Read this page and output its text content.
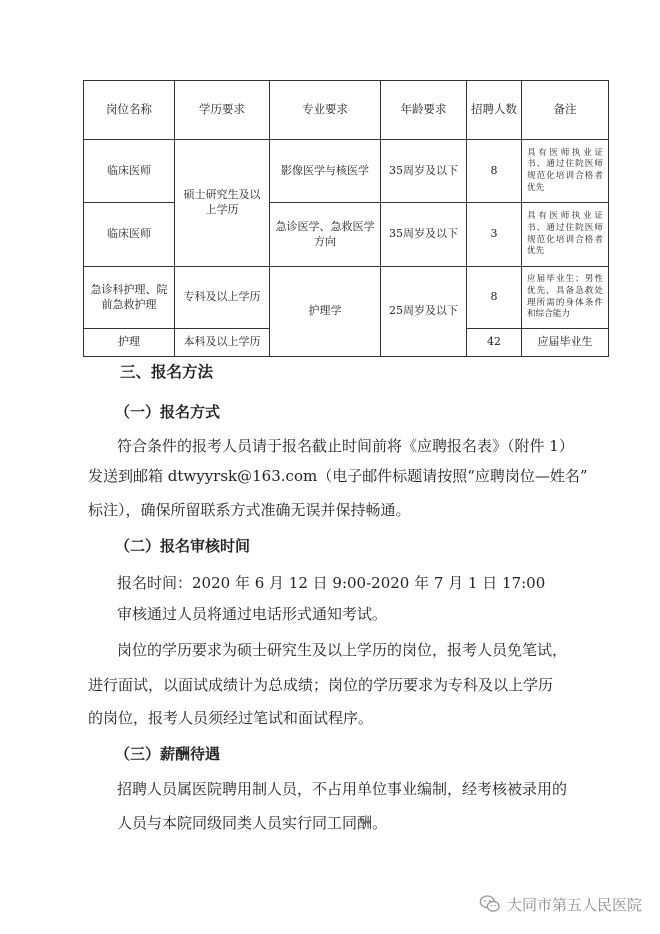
岗位名称	学历要求	专业要求	年龄要求	招聘人数	备注
临床医师	硕士研究生及以上学历	影像医学与核医学	35周岁及以下	8	具有医师执业证书、通过住院医师规范化培训合格者优先
临床医师		急诊医学、急救医学方向	35周岁及以下	3	具有医师执业证书、通过住院医师规范化培训合格者优先
急诊科护理、院前急救护理	专科及以上学历	护理学	25周岁及以下	8	应届毕业生；男性优先，具备急救处理所需的身体条件和综合能力
护理	本科及以上学历			42	应届毕业生
三、报名方法
（一）报名方式
符合条件的报考人员请于报名截止时间前将《应聘报名表》（附件 1）
发送到邮箱 dtwyyrsk@163.com（电子邮件标题请按照“应聘岗位—姓名”
标注），确保所留联系方式准确无误并保持畅通。
（二）报名审核时间
报名时间：2020 年 6 月 12 日 9:00-2020 年 7 月 1 日 17:00
审核通过人员将通过电话形式通知考试。
岗位的学历要求为硕士研究生及以上学历的岗位，报考人员免笔试，
进行面试，以面试成绩计为总成绩；岗位的学历要求为专科及以上学历
的岗位，报考人员须经过笔试和面试程序。
（三）薪酬待遇
招聘人员属医院聘用制人员，不占用单位事业编制，经考核被录用的
人员与本院同级同类人员实行同工同酬。
大同市第五人民医院
